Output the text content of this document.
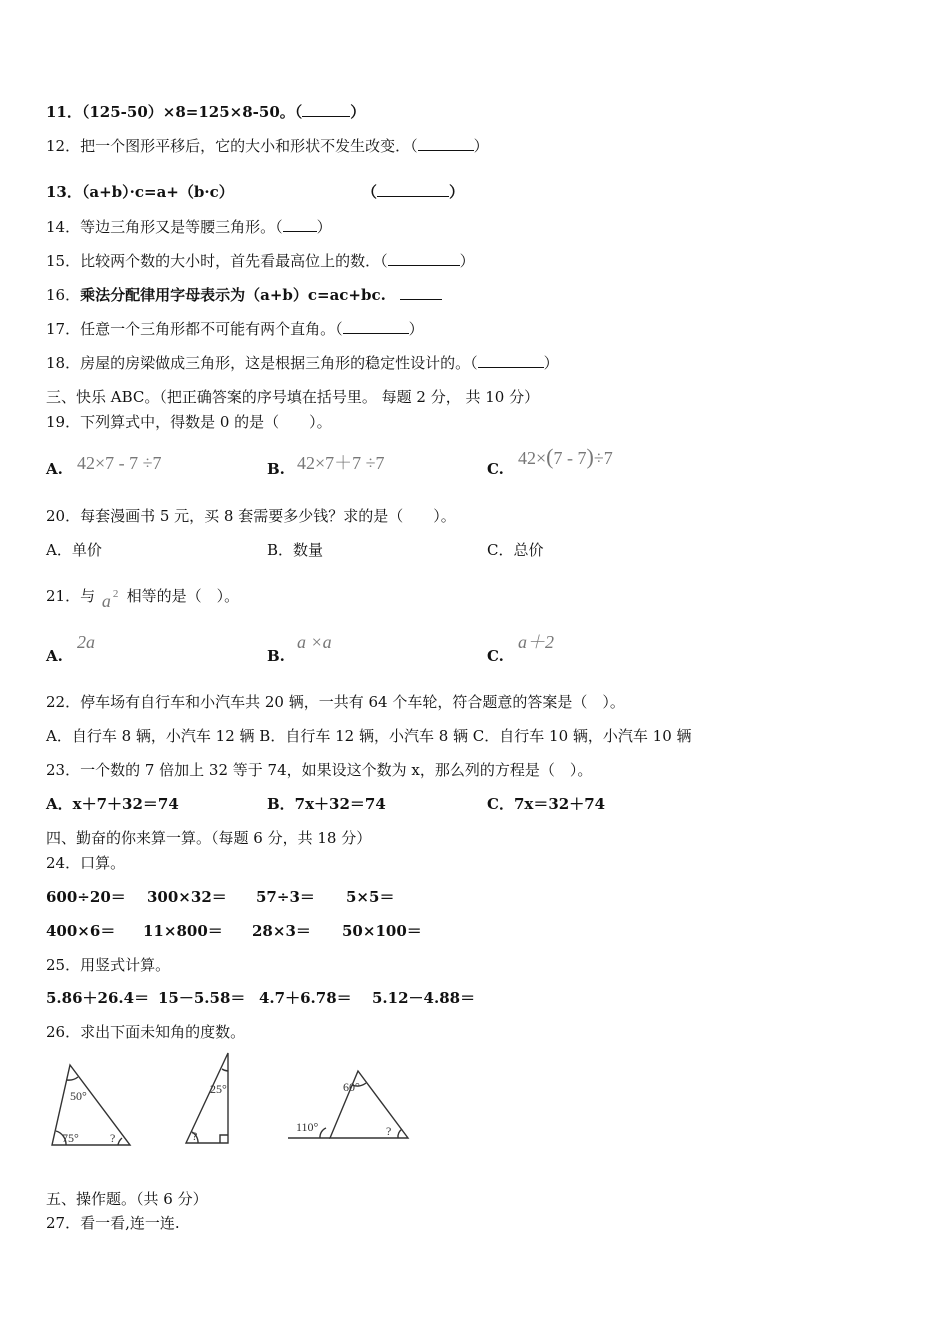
11．（125-50）×8=125×8-50。（	）
12．把一个图形平移后，它的大小和形状不发生改变．（	）
13．（a+b）·c=a+（b·c）	（	）
14．等边三角形又是等腰三角形。（ ）
15．比较两个数的大小时，首先看最高位上的数．（	）
16．乘法分配律用字母表示为（a+b）c=ac+bc.
17．任意一个三角形都不可能有两个直角。（	）
18．房屋的房梁做成三角形，这是根据三角形的稳定性设计的。（	）
三、快乐 ABC。（把正确答案的序号填在括号里。 每题 2 分， 共 10 分）
19．下列算式中，得数是 0 的是（　　）。
A. 42×7 - 7 ÷7	B. 42×7＋7 ÷7	C.
42×(7 - 7)÷7
20．每套漫画书 5 元，买 8 套需要多少钱？求的是（　　）。
A．单价	B．数量	C．总价
21．与 a 2 相等的是（　）。
A.
2a
B.
a ×a
C.
a＋2
22．停车场有自行车和小汽车共 20 辆，一共有 64 个车轮，符合题意的答案是（　）。
A．自行车 8 辆，小汽车 12 辆 B．自行车 12 辆，小汽车 8 辆 C．自行车 10 辆，小汽车 10 辆
23．一个数的 7 倍加上 32 等于 74，如果设这个数为 x，那么列的方程是（　）。
A．x＋7＋32＝74	B．7x＋32＝74	C．7x＝32＋74
四、勤奋的你来算一算。（每题 6 分，共 18 分）
24．口算。
600÷20＝ 300×32＝ 57÷3＝ 5×5＝
400×6＝ 11×800＝ 28×3＝ 50×100＝
25．用竖式计算。
5.86＋26.4＝ 15－5.58＝ 4.7＋6.78＝ 5.12－4.88＝
26．求出下面未知角的度数。
50°
75°	?
25°
?
60°
110°	?
五、操作题。（共 6 分）
27．看一看,连一连.
